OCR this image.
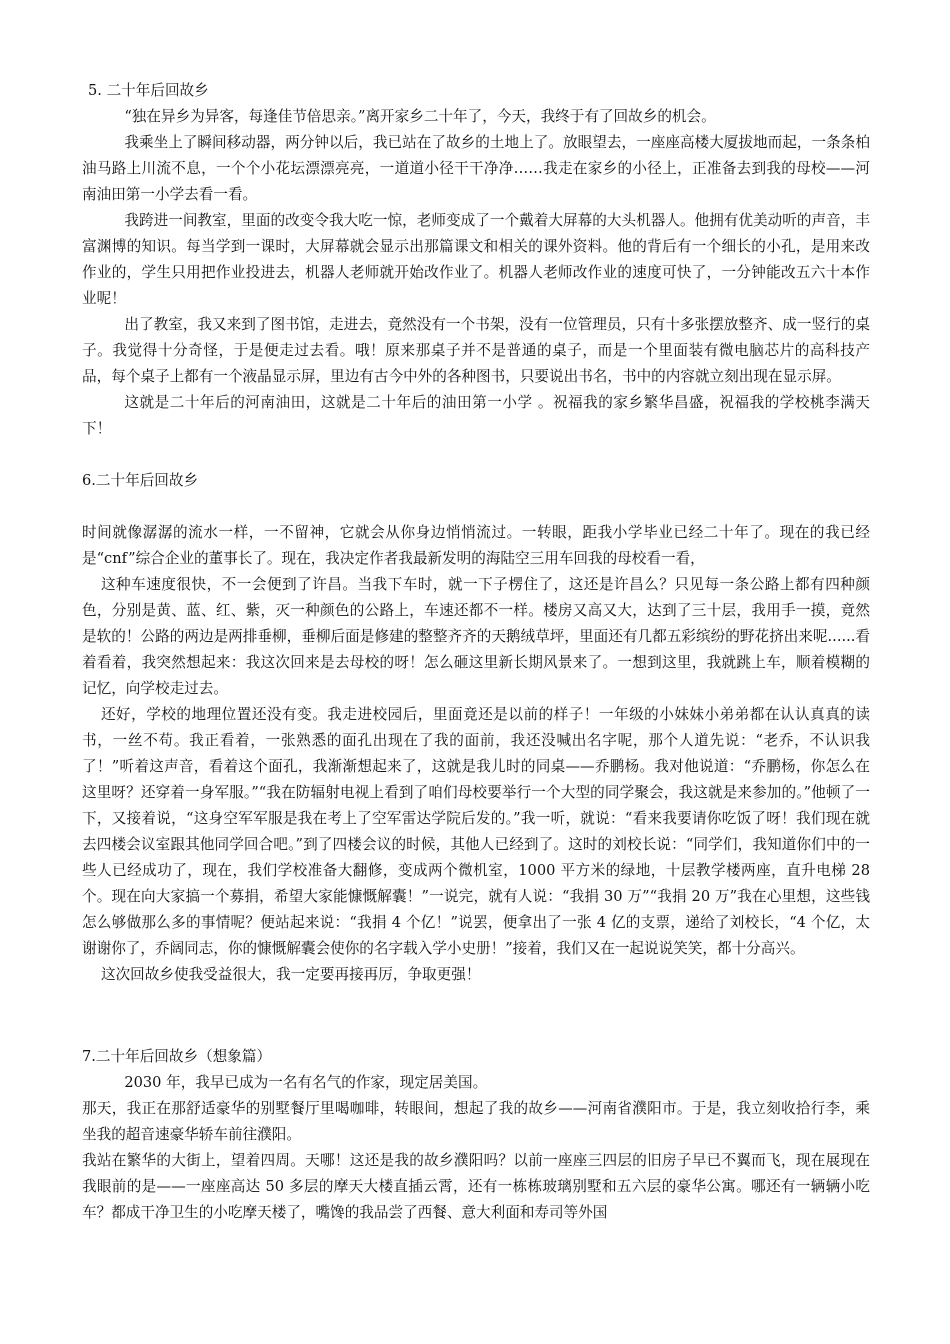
5. 二十年后回故乡

“独在异乡为异客，每逢佳节倍思亲。”离开家乡二十年了，今天，我终于有了回故乡的机会。

我乘坐上了瞬间移动器，两分钟以后，我已站在了故乡的土地上了。放眼望去，一座座高楼大厦拔地而起，一条条柏油马路上川流不息，一个个小花坛漂漂亮亮，一道道小径干干净净……我走在家乡的小径上，正准备去到我的母校——河南油田第一小学去看一看。

我跨进一间教室，里面的改变令我大吃一惊，老师变成了一个戴着大屏幕的大头机器人。他拥有优美动听的声音，丰富渊博的知识。每当学到一课时，大屏幕就会显示出那篇课文和相关的课外资料。他的背后有一个细长的小孔，是用来改作业的，学生只用把作业投进去，机器人老师就开始改作业了。机器人老师改作业的速度可快了，一分钟能改五六十本作业呢！

出了教室，我又来到了图书馆，走进去，竟然没有一个书架，没有一位管理员，只有十多张摆放整齐、成一竖行的桌子。我觉得十分奇怪，于是便走过去看。哦！原来那桌子并不是普通的桌子，而是一个里面装有微电脑芯片的高科技产品，每个桌子上都有一个液晶显示屏，里边有古今中外的各种图书，只要说出书名，书中的内容就立刻出现在显示屏。

这就是二十年后的河南油田，这就是二十年后的油田第一小学 。祝福我的家乡繁华昌盛，祝福我的学校桃李满天下！

6.二十年后回故乡

时间就像潺潺的流水一样，一不留神，它就会从你身边悄悄流过。一转眼，距我小学毕业已经二十年了。现在的我已经是“cnf”综合企业的董事长了。现在，我决定作者我最新发明的海陆空三用车回我的母校看一看，

这种车速度很快，不一会便到了许昌。当我下车时，就一下子楞住了，这还是许昌么？只见每一条公路上都有四种颜色，分别是黄、蓝、红、紫，灭一种颜色的公路上，车速还都不一样。楼房又高又大，达到了三十层，我用手一摸，竟然是软的！公路的两边是两排垂柳，垂柳后面是修建的整整齐齐的天鹅绒草坪，里面还有几都五彩缤纷的野花挤出来呢......看着看着，我突然想起来：我这次回来是去母校的呀！怎么砸这里新长期风景来了。一想到这里，我就跳上车，顺着模糊的记忆，向学校走过去。

还好，学校的地理位置还没有变。我走进校园后，里面竟还是以前的样子！一年级的小妹妹小弟弟都在认认真真的读书，一丝不苟。我正看着，一张熟悉的面孔出现在了我的面前，我还没喊出名字呢，那个人道先说：“老乔，不认识我了！”听着这声音，看着这个面孔，我渐渐想起来了，这就是我儿时的同桌——乔鹏杨。我对他说道：“乔鹏杨，你怎么在这里呀？还穿着一身军服。”“我在防辐射电视上看到了咱们母校要举行一个大型的同学聚会，我这就是来参加的。”他顿了一下，又接着说，“这身空军军服是我在考上了空军雷达学院后发的。”我一听，就说：“看来我要请你吃饭了呀！我们现在就去四楼会议室跟其他同学回合吧。”到了四楼会议的时候，其他人已经到了。这时的刘校长说：“同学们，我知道你们中的一些人已经成功了，现在，我们学校准备大翻修，变成两个微机室，1000 平方米的绿地，十层教学楼两座，直升电梯 28 个。现在向大家搞一个募捐，希望大家能慷慨解囊！”一说完，就有人说：“我捐 30 万”“我捐 20 万”我在心里想，这些钱怎么够做那么多的事情呢？便站起来说：“我捐 4 个亿！”说罢，便拿出了一张 4 亿的支票，递给了刘校长，“4 个亿，太谢谢你了，乔阔同志，你的慷慨解囊会使你的名字载入学小史册！”接着，我们又在一起说说笑笑，都十分高兴。

这次回故乡使我受益很大，我一定要再接再厉，争取更强！

7.二十年后回故乡（想象篇）

2030 年，我早已成为一名有名气的作家，现定居美国。

那天，我正在那舒适豪华的别墅餐厅里喝咖啡，转眼间，想起了我的故乡——河南省濮阳市。于是，我立刻收拾行李，乘坐我的超音速豪华轿车前往濮阳。

我站在繁华的大街上，望着四周。天哪！这还是我的故乡濮阳吗？以前一座座三四层的旧房子早已不翼而飞，现在展现在我眼前的是——一座座高达 50 多层的摩天大楼直插云霄，还有一栋栋玻璃别墅和五六层的豪华公寓。哪还有一辆辆小吃车？都成干净卫生的小吃摩天楼了，嘴馋的我品尝了西餐、意大利面和寿司等外国
